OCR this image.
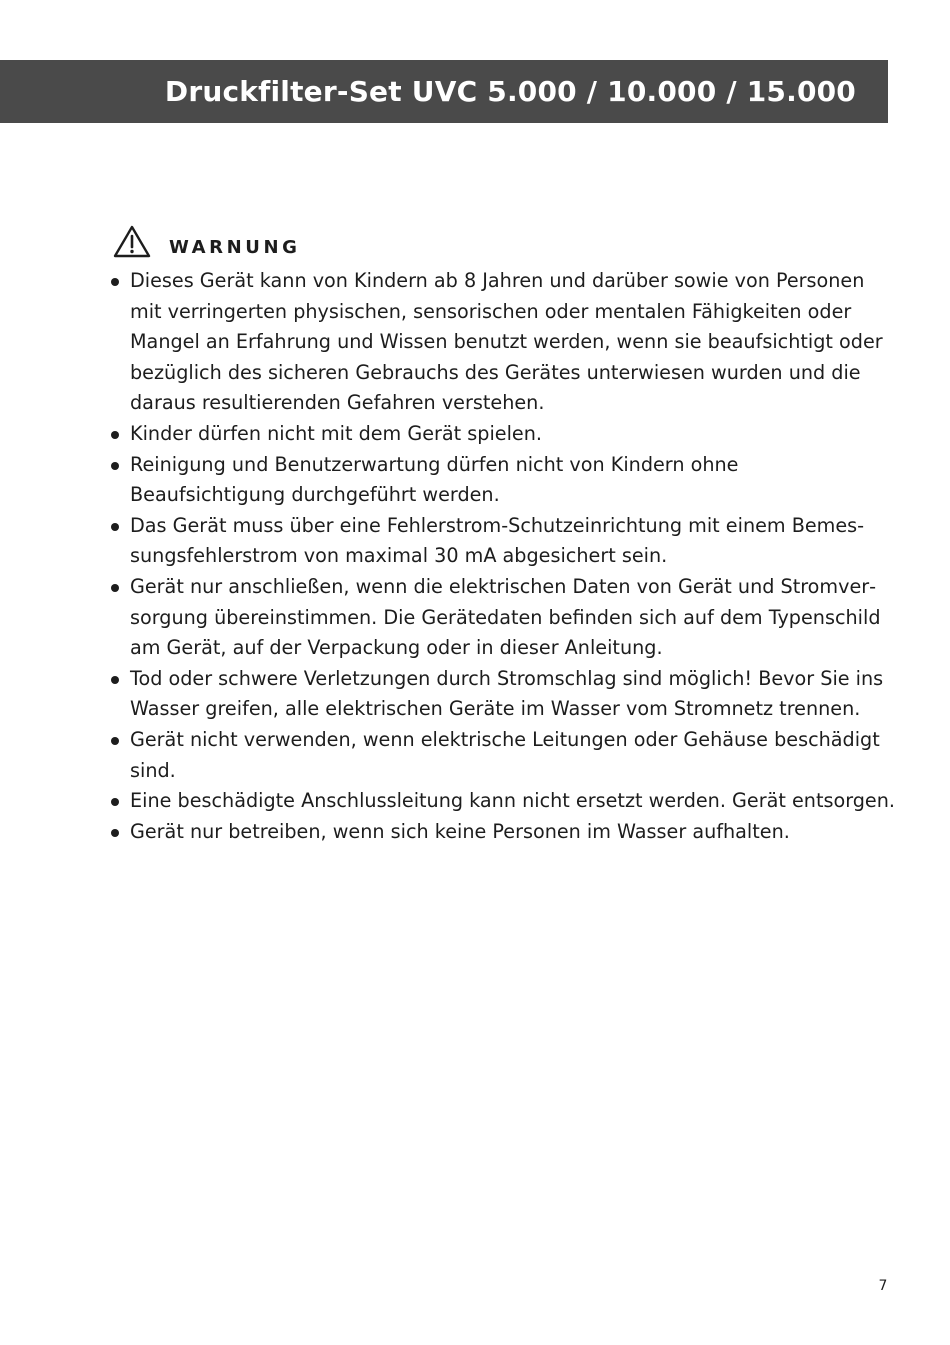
Druckfilter-Set UVC 5.000 / 10.000 / 15.000
WARNUNG
Dieses Gerät kann von Kindern ab 8 Jahren und darüber sowie von Personen mit verringerten physischen, sensorischen oder mentalen Fähigkeiten oder Mangel an Erfahrung und Wissen benutzt werden, wenn sie beaufsichtigt oder bezüglich des sicheren Gebrauchs des Gerätes unterwiesen wurden und die daraus resultierenden Gefahren verstehen.
Kinder dürfen nicht mit dem Gerät spielen.
Reinigung und Benutzerwartung dürfen nicht von Kindern ohne Beaufsichtigung durchgeführt werden.
Das Gerät muss über eine Fehlerstrom-Schutzeinrichtung mit einem Bemessungsfehlerstrom von maximal 30 mA abgesichert sein.
Gerät nur anschließen, wenn die elektrischen Daten von Gerät und Stromversorgung übereinstimmen. Die Gerätedaten befinden sich auf dem Typenschild am Gerät, auf der Verpackung oder in dieser Anleitung.
Tod oder schwere Verletzungen durch Stromschlag sind möglich! Bevor Sie ins Wasser greifen, alle elektrischen Geräte im Wasser vom Stromnetz trennen.
Gerät nicht verwenden, wenn elektrische Leitungen oder Gehäuse beschädigt sind.
Eine beschädigte Anschlussleitung kann nicht ersetzt werden. Gerät entsorgen.
Gerät nur betreiben, wenn sich keine Personen im Wasser aufhalten.
7
